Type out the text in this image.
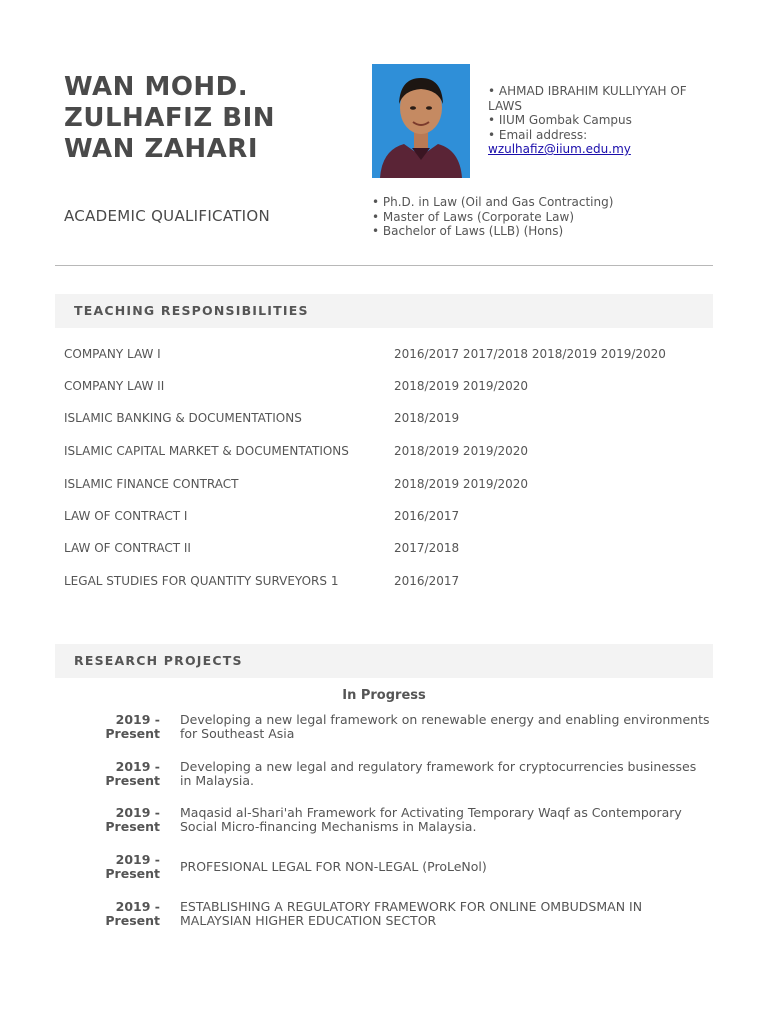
WAN MOHD.
ZULHAFIZ BIN
WAN ZAHARI
• AHMAD IBRAHIM KULLIYYAH OF
LAWS
• IIUM Gombak Campus
• Email address:
wzulhafiz@iium.edu.my
ACADEMIC QUALIFICATION
• Ph.D. in Law (Oil and Gas Contracting)
• Master of Laws (Corporate Law)
• Bachelor of Laws (LLB) (Hons)
TEACHING RESPONSIBILITIES
COMPANY LAW I	2016/2017 2017/2018 2018/2019 2019/2020
COMPANY LAW II	2018/2019 2019/2020
ISLAMIC BANKING & DOCUMENTATIONS	2018/2019
ISLAMIC CAPITAL MARKET & DOCUMENTATIONS	2018/2019 2019/2020
ISLAMIC FINANCE CONTRACT	2018/2019 2019/2020
LAW OF CONTRACT I	2016/2017
LAW OF CONTRACT II	2017/2018
LEGAL STUDIES FOR QUANTITY SURVEYORS 1	2016/2017
RESEARCH PROJECTS
In Progress
2019 -
Present
Developing a new legal framework on renewable energy and enabling environments for Southeast Asia
2019 -
Present
Developing a new legal and regulatory framework for cryptocurrencies businesses in Malaysia.
2019 -
Present
Maqasid al-Shari'ah Framework for Activating Temporary Waqf as Contemporary Social Micro-financing Mechanisms in Malaysia.
2019 -
Present PROFESIONAL LEGAL FOR NON-LEGAL (ProLeNol)
2019 -
Present
ESTABLISHING A REGULATORY FRAMEWORK FOR ONLINE OMBUDSMAN IN MALAYSIAN HIGHER EDUCATION SECTOR
